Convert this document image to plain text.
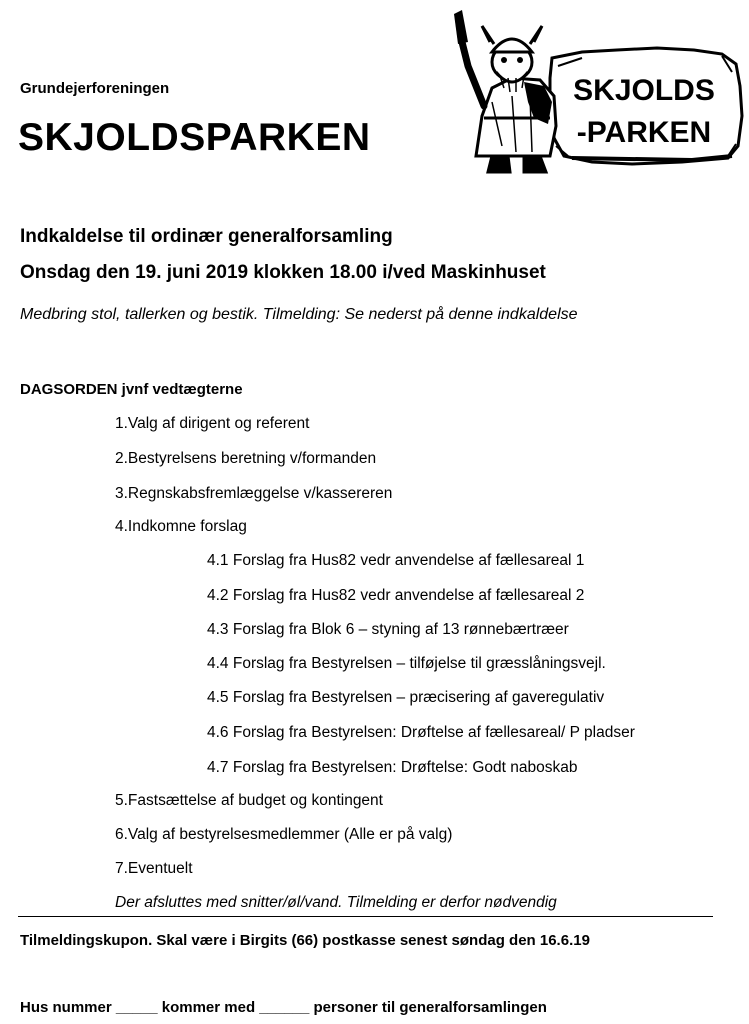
Grundejerforeningen
SKJOLDSPARKEN
SKJOLDS
-PARKEN
Indkaldelse til ordinær generalforsamling
Onsdag den 19. juni 2019 klokken 18.00 i/ved Maskinhuset
Medbring stol, tallerken og bestik. Tilmelding: Se nederst på denne indkaldelse
DAGSORDEN jvnf vedtægterne
1.Valg af dirigent og referent
2.Bestyrelsens beretning v/formanden
3.Regnskabsfremlæggelse v/kassereren
4.Indkomne forslag
4.1 Forslag fra Hus82 vedr anvendelse af fællesareal 1
4.2 Forslag fra Hus82 vedr anvendelse af fællesareal 2
4.3 Forslag fra Blok 6 – styning af 13 rønnebærtræer
4.4 Forslag fra Bestyrelsen – tilføjelse til græsslåningsvejl.
4.5 Forslag fra Bestyrelsen – præcisering af gaveregulativ
4.6 Forslag fra Bestyrelsen: Drøftelse af fællesareal/ P pladser
4.7 Forslag fra Bestyrelsen: Drøftelse: Godt naboskab
5.Fastsættelse af budget og kontingent
6.Valg af bestyrelsesmedlemmer (Alle er på valg)
7.Eventuelt
Der afsluttes med snitter/øl/vand. Tilmelding er derfor nødvendig
Tilmeldingskupon. Skal være i Birgits (66) postkasse senest søndag den 16.6.19
Hus nummer _____ kommer med ______ personer til generalforsamlingen
